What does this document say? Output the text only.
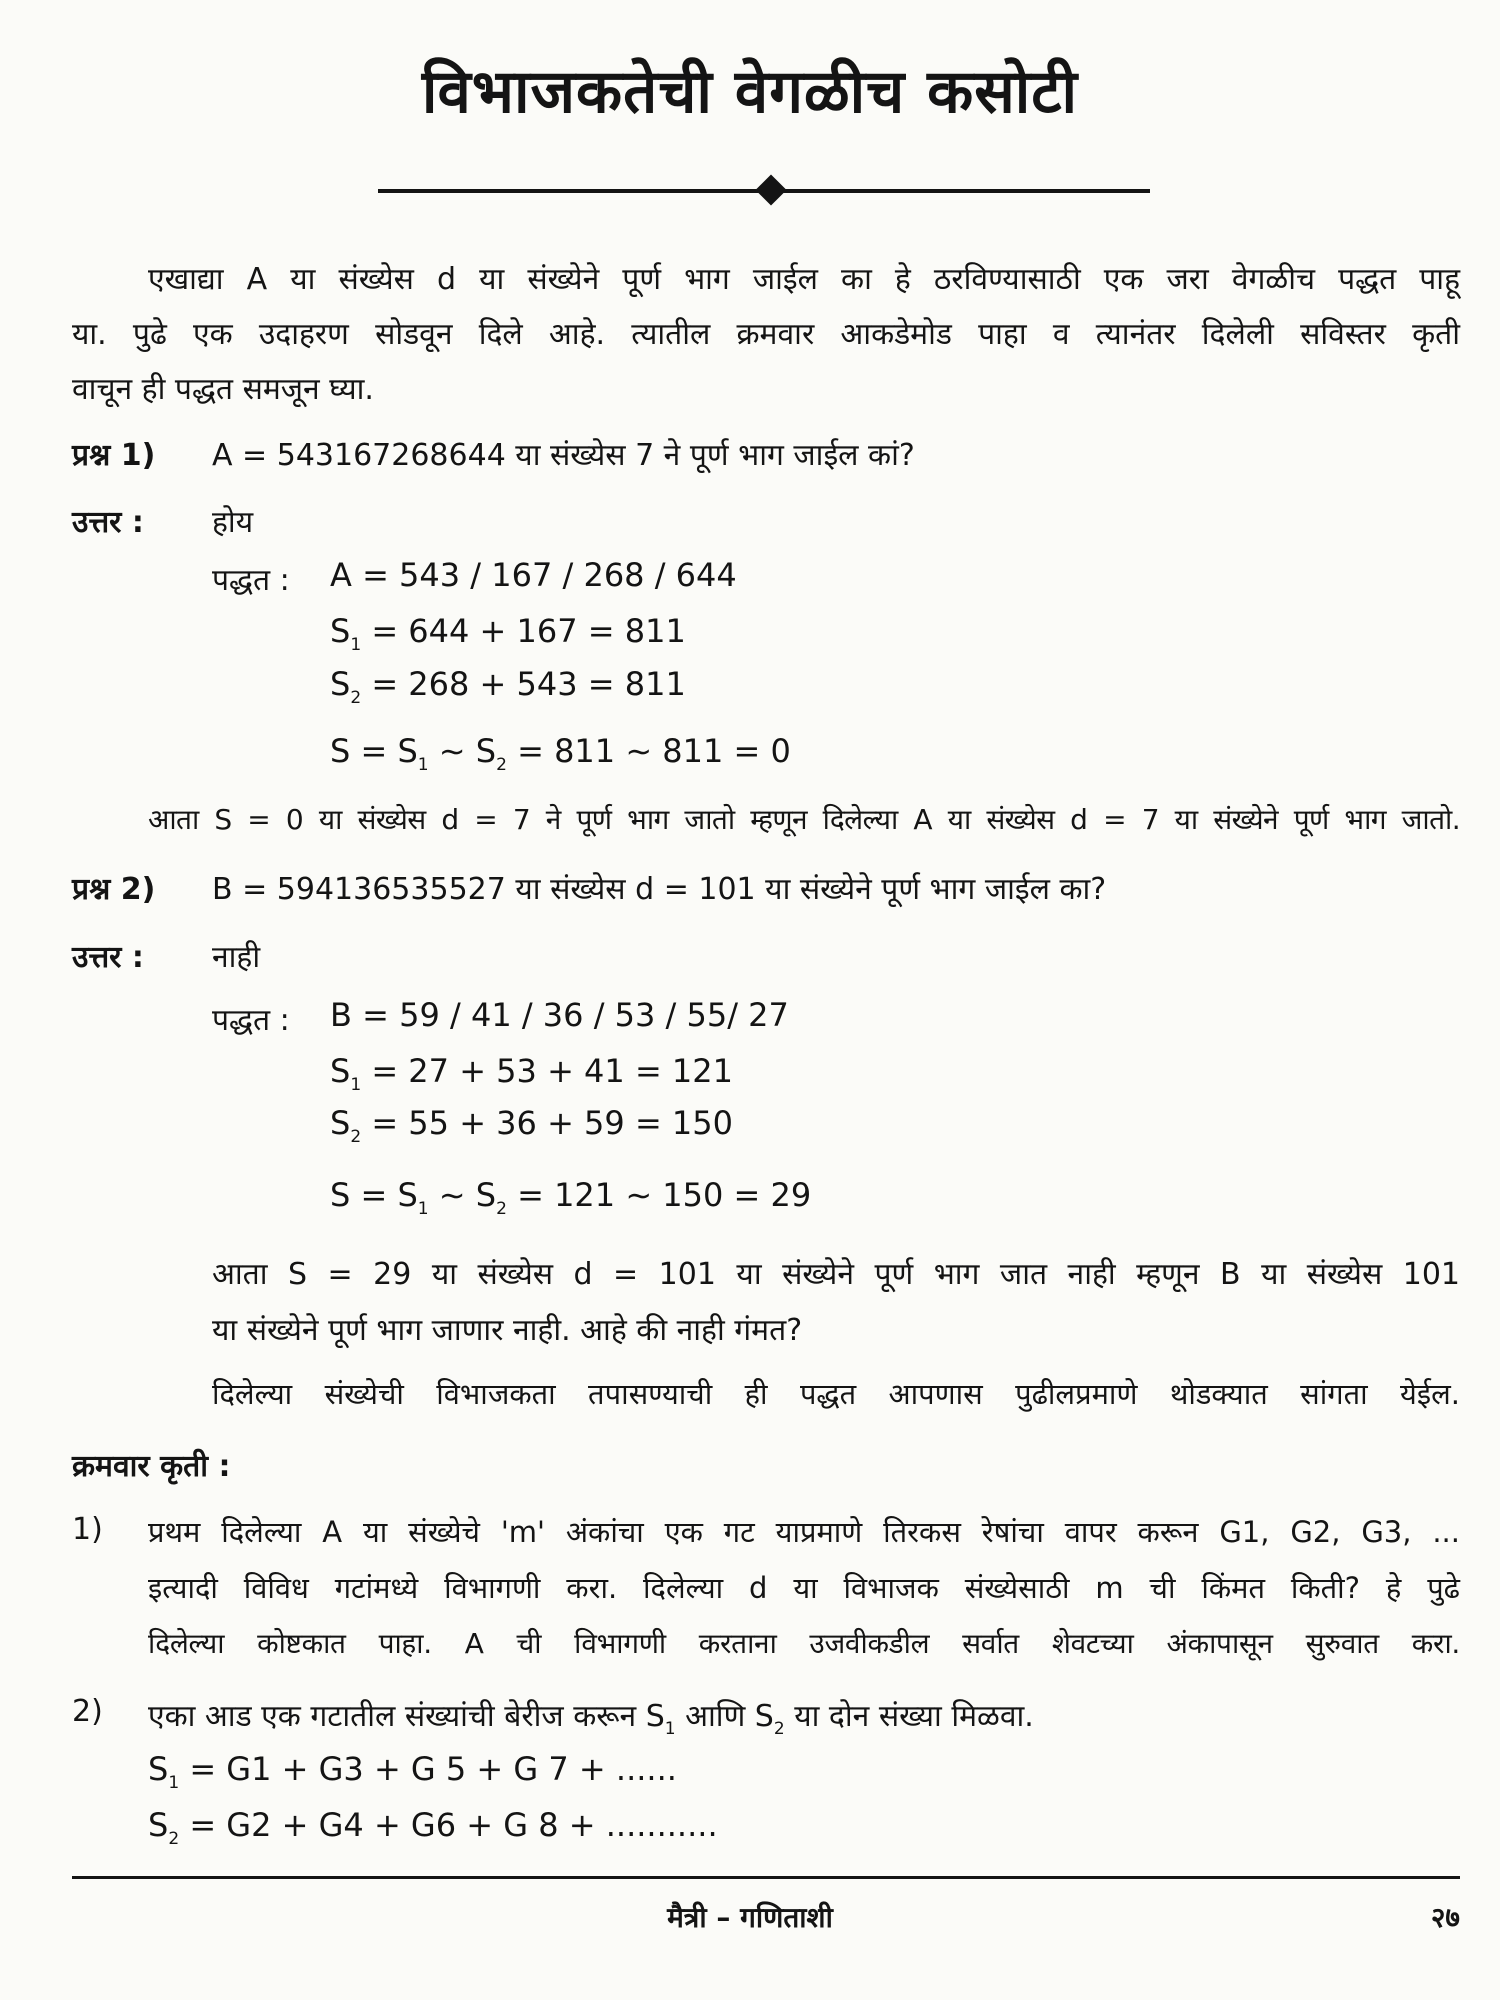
विभाजकतेची वेगळीच कसोटी
एखाद्या A या संख्येस d या संख्येने पूर्ण भाग जाईल का हे ठरविण्यासाठी एक जरा वेगळीच पद्धत पाहू
या. पुढे एक उदाहरण सोडवून दिले आहे. त्यातील क्रमवार आकडेमोड पाहा व त्यानंतर दिलेली सविस्तर कृती
वाचून ही पद्धत समजून घ्या.
प्रश्न 1) A = 543167268644 या संख्येस 7 ने पूर्ण भाग जाईल कां?
उत्तर : होय
पद्धत : A = 543 / 167 / 268 / 644
$S_1 = 644 + 167 = 811$
$S_2 = 268 + 543 = 811$
$S = S_1$ ∼ $S_2 = 811$ ∼ 811 = 0
आता S = 0 या संख्येस d = 7 ने पूर्ण भाग जातो म्हणून दिलेल्या A या संख्येस d = 7 या संख्येने पूर्ण भाग जातो.
प्रश्न 2) B = 594136535527 या संख्येस d = 101 या संख्येने पूर्ण भाग जाईल का?
उत्तर : नाही
पद्धत : B = 59 / 41 / 36 / 53 / 55/ 27
$S_1 = 27 + 53 + 41 = 121$
$S_2 = 55 + 36 + 59 = 150$
$S = S_1$ ∼ $S_2 = 121$ ∼ 150 = 29
आता S = 29 या संख्येस d = 101 या संख्येने पूर्ण भाग जात नाही म्हणून B या संख्येस 101
या संख्येने पूर्ण भाग जाणार नाही. आहे की नाही गंमत?
दिलेल्या संख्येची विभाजकता तपासण्याची ही पद्धत आपणास पुढीलप्रमाणे थोडक्यात सांगता येईल.
क्रमवार कृती :
1) प्रथम दिलेल्या A या संख्येचे 'm' अंकांचा एक गट याप्रमाणे तिरकस रेषांचा वापर करून G1, G2, G3, ...
इत्यादी विविध गटांमध्ये विभागणी करा. दिलेल्या d या विभाजक संख्येसाठी m ची किंमत किती? हे पुढे
दिलेल्या कोष्टकात पाहा. A ची विभागणी करताना उजवीकडील सर्वात शेवटच्या अंकापासून सुरुवात करा.
2) एका आड एक गटातील संख्यांची बेरीज करून $S_1$ आणि $S_2$ या दोन संख्या मिळवा.
$S_1 = G1 + G3 + G$ 5 + G 7 + ......
$S_2 = G2 + G4 + G6 + G$ 8 + ...........
मैत्री – गणिताशी	२७
